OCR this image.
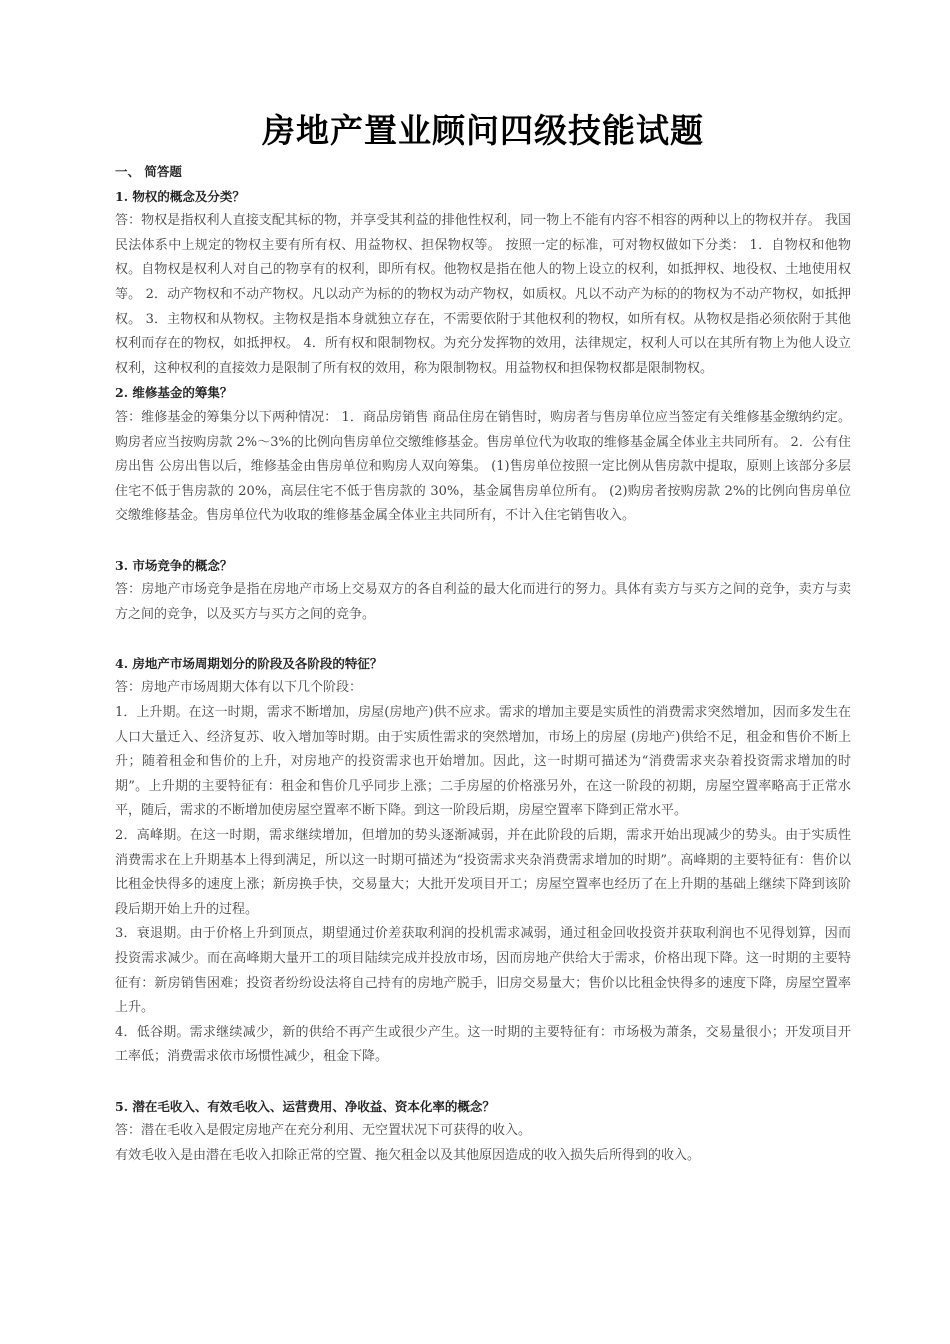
房地产置业顾问四级技能试题
一、 简答题
1. 物权的概念及分类？

答：物权是指权利人直接支配其标的物，并享受其利益的排他性权利，同一物上不能有内容不相容的两种以上的物权并存。 我国民法体系中上规定的物权主要有所有权、用益物权、担保物权等。 按照一定的标准，可对物权做如下分类： 1．自物权和他物权。自物权是权利人对自己的物享有的权利，即所有权。他物权是指在他人的物上设立的权利，如抵押权、地役权、土地使用权等。 2．动产物权和不动产物权。凡以动产为标的的物权为动产物权，如质权。凡以不动产为标的的物权为不动产物权，如抵押权。 3．主物权和从物权。主物权是指本身就独立存在，不需要依附于其他权利的物权，如所有权。从物权是指必须依附于其他权利而存在的物权，如抵押权。 4．所有权和限制物权。为充分发挥物的效用，法律规定，权利人可以在其所有物上为他人设立权利，这种权利的直接效力是限制了所有权的效用，称为限制物权。用益物权和担保物权都是限制物权。

2. 维修基金的筹集？

答：维修基金的筹集分以下两种情况： 1．商品房销售 商品住房在销售时，购房者与售房单位应当签定有关维修基金缴纳约定。购房者应当按购房款 2%～3%的比例向售房单位交缴维修基金。售房单位代为收取的维修基金属全体业主共同所有。 2．公有住房出售 公房出售以后，维修基金由售房单位和购房人双向筹集。 (1)售房单位按照一定比例从售房款中提取，原则上该部分多层住宅不低于售房款的 20%，高层住宅不低于售房款的 30%，基金属售房单位所有。 (2)购房者按购房款 2%的比例向售房单位交缴维修基金。售房单位代为收取的维修基金属全体业主共同所有，不计入住宅销售收入。

3. 市场竞争的概念？

答：房地产市场竞争是指在房地产市场上交易双方的各自利益的最大化而进行的努力。具体有卖方与买方之间的竞争，卖方与卖方之间的竞争，以及买方与买方之间的竞争。

4. 房地产市场周期划分的阶段及各阶段的特征？

答：房地产市场周期大体有以下几个阶段：

1．上升期。在这一时期，需求不断增加，房屋(房地产)供不应求。需求的增加主要是实质性的消费需求突然增加，因而多发生在人口大量迁入、经济复苏、收入增加等时期。由于实质性需求的突然增加，市场上的房屋 (房地产)供给不足，租金和售价不断上升；随着租金和售价的上升，对房地产的投资需求也开始增加。因此，这一时期可描述为“消费需求夹杂着投资需求增加的时期”。上升期的主要特征有：租金和售价几乎同步上涨；二手房屋的价格涨另外，在这一阶段的初期，房屋空置率略高于正常水平，随后，需求的不断增加使房屋空置率不断下降。到这一阶段后期，房屋空置率下降到正常水平。

2．高峰期。在这一时期，需求继续增加，但增加的势头逐渐减弱，并在此阶段的后期，需求开始出现减少的势头。由于实质性消费需求在上升期基本上得到满足，所以这一时期可描述为“投资需求夹杂消费需求增加的时期”。高峰期的主要特征有：售价以比租金快得多的速度上涨；新房换手快，交易量大；大批开发项目开工；房屋空置率也经历了在上升期的基础上继续下降到该阶段后期开始上升的过程。

3．衰退期。由于价格上升到顶点，期望通过价差获取利润的投机需求减弱，通过租金回收投资并获取利润也不见得划算，因而投资需求减少。而在高峰期大量开工的项目陆续完成并投放市场，因而房地产供给大于需求，价格出现下降。这一时期的主要特征有：新房销售困难；投资者纷纷设法将自己持有的房地产脱手，旧房交易量大；售价以比租金快得多的速度下降，房屋空置率上升。

4．低谷期。需求继续减少，新的供给不再产生或很少产生。这一时期的主要特征有：市场极为萧条，交易量很小；开发项目开工率低；消费需求依市场惯性减少，租金下降。

5. 潜在毛收入、有效毛收入、运营费用、净收益、资本化率的概念？

答：潜在毛收入是假定房地产在充分利用、无空置状况下可获得的收入。

有效毛收入是由潜在毛收入扣除正常的空置、拖欠租金以及其他原因造成的收入损失后所得到的收入。
